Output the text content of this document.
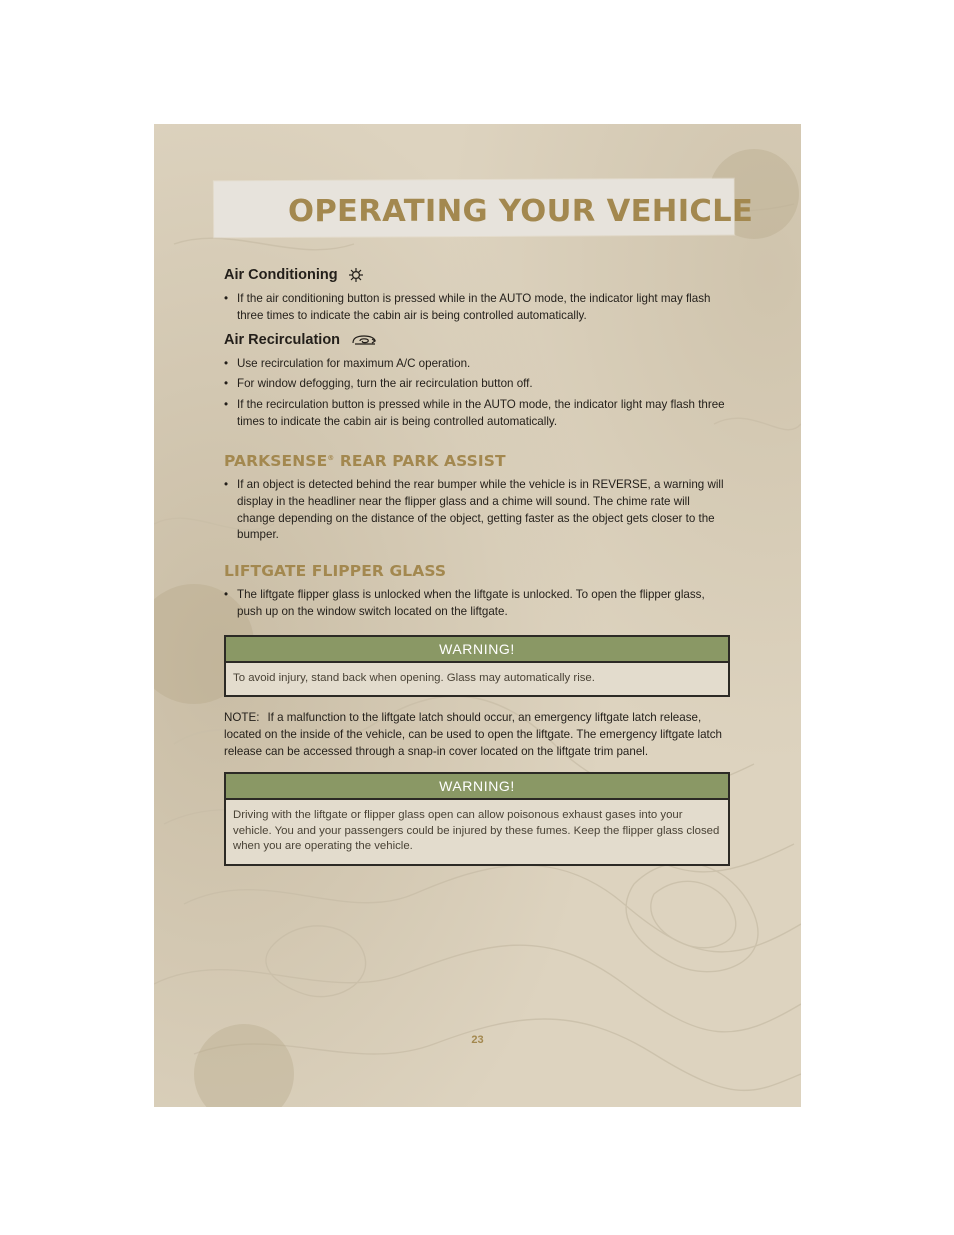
OPERATING YOUR VEHICLE
Air Conditioning
• If the air conditioning button is pressed while in the AUTO mode, the indicator light may flash three times to indicate the cabin air is being controlled automatically.
Air Recirculation
• Use recirculation for maximum A/C operation.
• For window defogging, turn the air recirculation button off.
• If the recirculation button is pressed while in the AUTO mode, the indicator light may flash three times to indicate the cabin air is being controlled automatically.
PARKSENSE® REAR PARK ASSIST
• If an object is detected behind the rear bumper while the vehicle is in REVERSE, a warning will display in the headliner near the flipper glass and a chime will sound. The chime rate will change depending on the distance of the object, getting faster as the object gets closer to the bumper.
LIFTGATE FLIPPER GLASS
• The liftgate flipper glass is unlocked when the liftgate is unlocked. To open the flipper glass, push up on the window switch located on the liftgate.
WARNING!
To avoid injury, stand back when opening. Glass may automatically rise.

NOTE: If a malfunction to the liftgate latch should occur, an emergency liftgate latch release, located on the inside of the vehicle, can be used to open the liftgate. The emergency liftgate latch release can be accessed through a snap-in cover located on the liftgate trim panel.

WARNING!
Driving with the liftgate or flipper glass open can allow poisonous exhaust gases into your vehicle. You and your passengers could be injured by these fumes. Keep the flipper glass closed when you are operating the vehicle.
23
